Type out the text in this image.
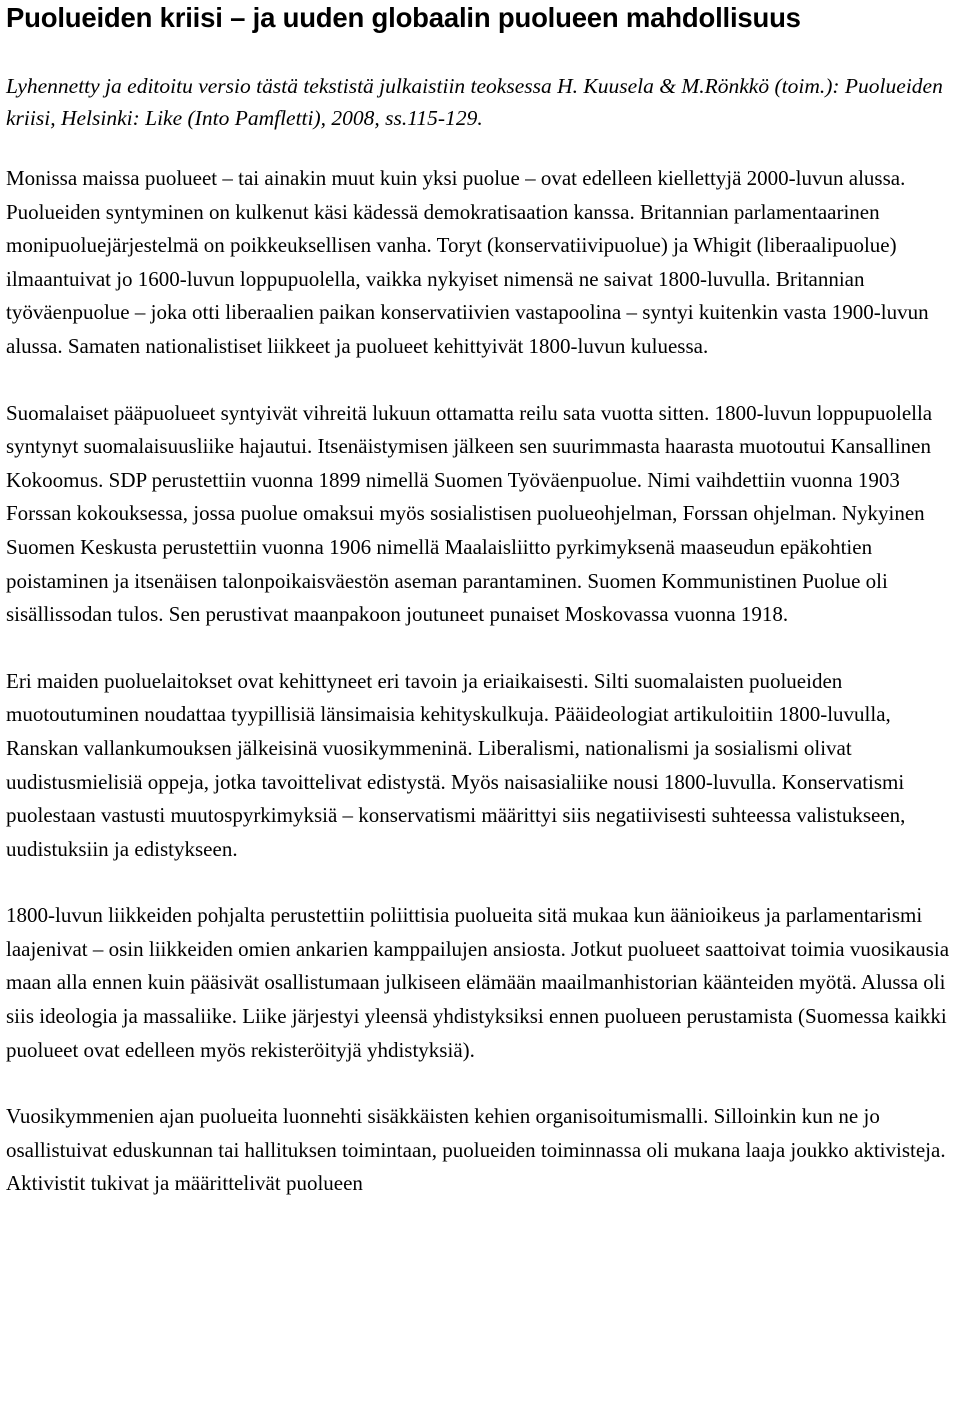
Puolueiden kriisi – ja uuden globaalin puolueen mahdollisuus

Lyhennetty ja editoitu versio tästä tekstistä julkaistiin teoksessa H. Kuusela & M.Rönkkö (toim.): Puolueiden kriisi, Helsinki: Like (Into Pamfletti), 2008, ss.115-129.

Monissa maissa puolueet – tai ainakin muut kuin yksi puolue – ovat edelleen kiellettyjä 2000-luvun alussa. Puolueiden syntyminen on kulkenut käsi kädessä demokratisaation kanssa. Britannian parlamentaarinen monipuoluejärjestelmä on poikkeuksellisen vanha. Toryt (konservatiivipuolue) ja Whigit (liberaalipuolue) ilmaantuivat jo 1600-luvun loppupuolella, vaikka nykyiset nimensä ne saivat 1800-luvulla. Britannian työväenpuolue – joka otti liberaalien paikan konservatiivien vastapoolina – syntyi kuitenkin vasta 1900-luvun alussa. Samaten nationalistiset liikkeet ja puolueet kehittyivät 1800-luvun kuluessa.

Suomalaiset pääpuolueet syntyivät vihreitä lukuun ottamatta reilu sata vuotta sitten. 1800-luvun loppupuolella syntynyt suomalaisuusliike hajautui. Itsenäistymisen jälkeen sen suurimmasta haarasta muotoutui Kansallinen Kokoomus. SDP perustettiin vuonna 1899 nimellä Suomen Työväenpuolue. Nimi vaihdettiin vuonna 1903 Forssan kokouksessa, jossa puolue omaksui myös sosialistisen puolueohjelman, Forssan ohjelman. Nykyinen Suomen Keskusta perustettiin vuonna 1906 nimellä Maalaisliitto pyrkimyksenä maaseudun epäkohtien poistaminen ja itsenäisen talonpoikaisväestön aseman parantaminen. Suomen Kommunistinen Puolue oli sisällissodan tulos. Sen perustivat maanpakoon joutuneet punaiset Moskovassa vuonna 1918.

Eri maiden puoluelaitokset ovat kehittyneet eri tavoin ja eriaikaisesti. Silti suomalaisten puolueiden muotoutuminen noudattaa tyypillisiä länsimaisia kehityskulkuja. Pääideologiat artikuloitiin 1800-luvulla, Ranskan vallankumouksen jälkeisinä vuosikymmeninä. Liberalismi, nationalismi ja sosialismi olivat uudistusmielisiä oppeja, jotka tavoittelivat edistystä. Myös naisasialiike nousi 1800-luvulla. Konservatismi puolestaan vastusti muutospyrkimyksiä – konservatismi määrittyi siis negatiivisesti suhteessa valistukseen, uudistuksiin ja edistykseen.

1800-luvun liikkeiden pohjalta perustettiin poliittisia puolueita sitä mukaa kun äänioikeus ja parlamentarismi laajenivat – osin liikkeiden omien ankarien kamppailujen ansiosta. Jotkut puolueet saattoivat toimia vuosikausia maan alla ennen kuin pääsivät osallistumaan julkiseen elämään maailmanhistorian käänteiden myötä. Alussa oli siis ideologia ja massaliike. Liike järjestyi yleensä yhdistyksiksi ennen puolueen perustamista (Suomessa kaikki puolueet ovat edelleen myös rekisteröityjä yhdistyksiä).

Vuosikymmenien ajan puolueita luonnehti sisäkkäisten kehien organisoitumismalli. Silloinkin kun ne jo osallistuivat eduskunnan tai hallituksen toimintaan, puolueiden toiminnassa oli mukana laaja joukko aktivisteja. Aktivistit tukivat ja määrittelivät puolueen
